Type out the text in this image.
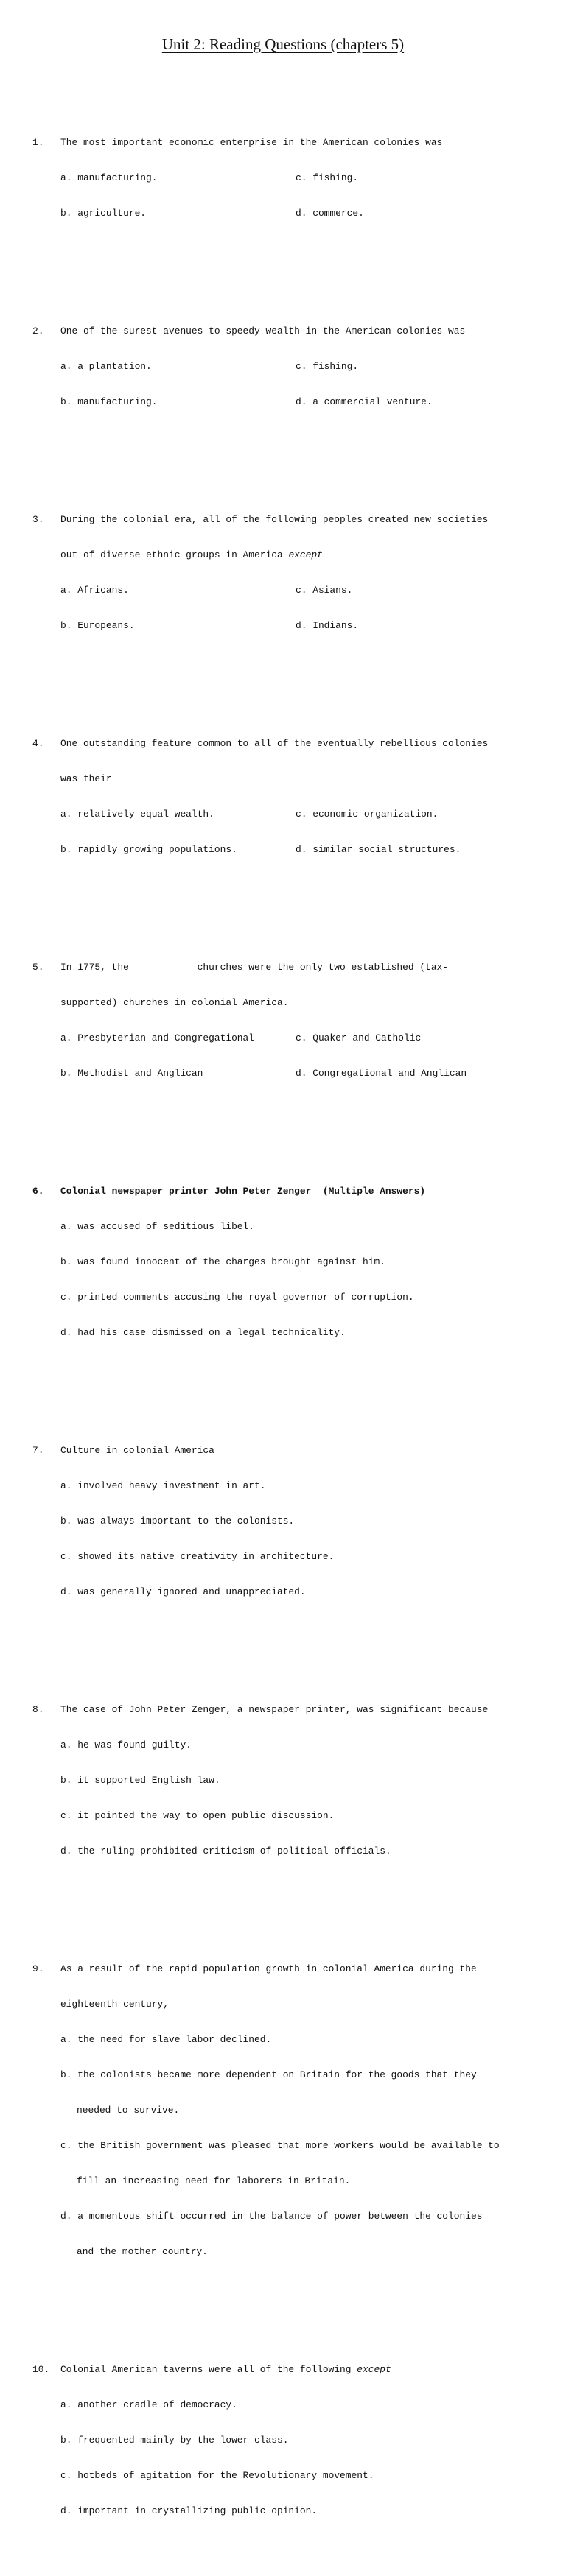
Unit 2: Reading Questions (chapters 5)

1.	The most important economic enterprise in the American colonies was

a. manufacturing.	c. fishing.

b. agriculture.	d. commerce.

2.	One of the surest avenues to speedy wealth in the American colonies was

a. a plantation.	c. fishing.

b. manufacturing.	d. a commercial venture.

3.	During the colonial era, all of the following peoples created new societies

out of diverse ethnic groups in America except

a. Africans.	c. Asians.

b. Europeans.	d. Indians.

4.	One outstanding feature common to all of the eventually rebellious colonies

was their

a. relatively equal wealth.	c. economic organization.

b. rapidly growing populations.	d. similar social structures.

5.	In 1775, the __________ churches were the only two established (tax-

supported) churches in colonial America.

a. Presbyterian and Congregational	c. Quaker and Catholic

b. Methodist and Anglican	d. Congregational and Anglican

6.	Colonial newspaper printer John Peter Zenger  (Multiple Answers)

a. was accused of seditious libel.

b. was found innocent of the charges brought against him.

c. printed comments accusing the royal governor of corruption.

d. had his case dismissed on a legal technicality.

7.	Culture in colonial America

a. involved heavy investment in art.

b. was always important to the colonists.

c. showed its native creativity in architecture.

d. was generally ignored and unappreciated.

8.	The case of John Peter Zenger, a newspaper printer, was significant because

a. he was found guilty.

b. it supported English law.

c. it pointed the way to open public discussion.

d. the ruling prohibited criticism of political officials.

9.	As a result of the rapid population growth in colonial America during the

eighteenth century,

a. the need for slave labor declined.

b. the colonists became more dependent on Britain for the goods that they

needed to survive.

c. the British government was pleased that more workers would be available to

fill an increasing need for laborers in Britain.

d. a momentous shift occurred in the balance of power between the colonies

and the mother country.

10.	Colonial American taverns were all of the following except

a. another cradle of democracy.

b. frequented mainly by the lower class.

c. hotbeds of agitation for the Revolutionary movement.

d. important in crystallizing public opinion.
